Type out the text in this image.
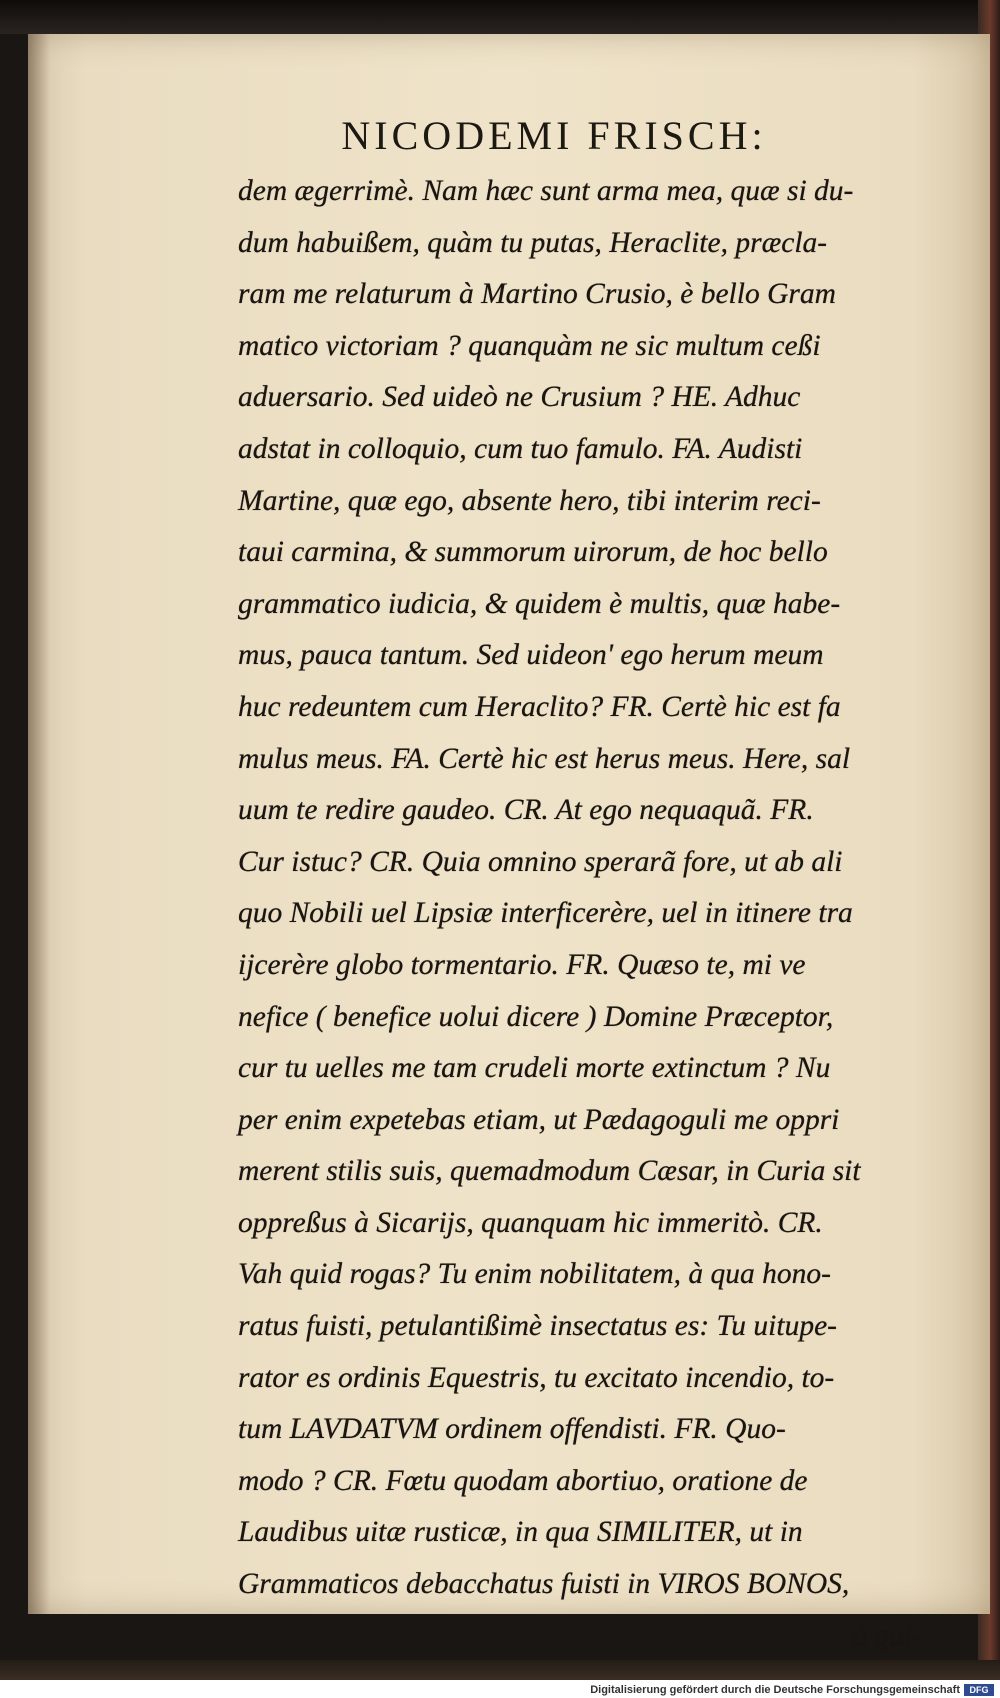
NICODEMI FRISCH:
dem ægerrimè. Nam hæc sunt arma mea, quæ si du-
dum habuißem, quàm tu putas, Heraclite, præcla-
ram me relaturum à Martino Crusio, è bello Gram
matico victoriam ? quanquàm ne sic multum ceßi
aduersario. Sed uideò ne Crusium ? HE. Adhuc
adstat in colloquio, cum tuo famulo. FA. Audisti
Martine, quæ ego, absente hero, tibi interim reci-
taui carmina, & summorum uirorum, de hoc bello
grammatico iudicia, & quidem è multis, quæ habe-
mus, pauca tantum. Sed uideon' ego herum meum
huc redeuntem cum Heraclito? FR. Certè hic est fa
mulus meus. FA. Certè hic est herus meus. Here, sal
uum te redire gaudeo. CR. At ego nequaquã. FR.
Cur istuc? CR. Quia omnino sperarã fore, ut ab ali
quo Nobili uel Lipsiæ interficerère, uel in itinere tra
ijcerère globo tormentario. FR. Quæso te, mi ve
nefice ( benefice uolui dicere ) Domine Præceptor,
cur tu uelles me tam crudeli morte extinctum ? Nu
per enim expetebas etiam, ut Pædagoguli me oppri
merent stilis suis, quemadmodum Cæsar, in Curia sit
oppreßus à Sicarijs, quanquam hic immeritò. CR.
Vah quid rogas? Tu enim nobilitatem, à qua hono-
ratus fuisti, petulantißimè insectatus es: Tu uitupe-
rator es ordinis Equestris, tu excitato incendio, to-
tum LAVDATVM ordinem offendisti. FR. Quo-
modo ? CR. Fœtu quodam abortiuo, oratione de
Laudibus uitæ rusticæ, in qua SIMILITER, ut in
Grammaticos debacchatus fuisti in VIROS BONOS,
à qui-
Digitalisierung gefördert durch die Deutsche Forschungsgemeinschaft	DFG
